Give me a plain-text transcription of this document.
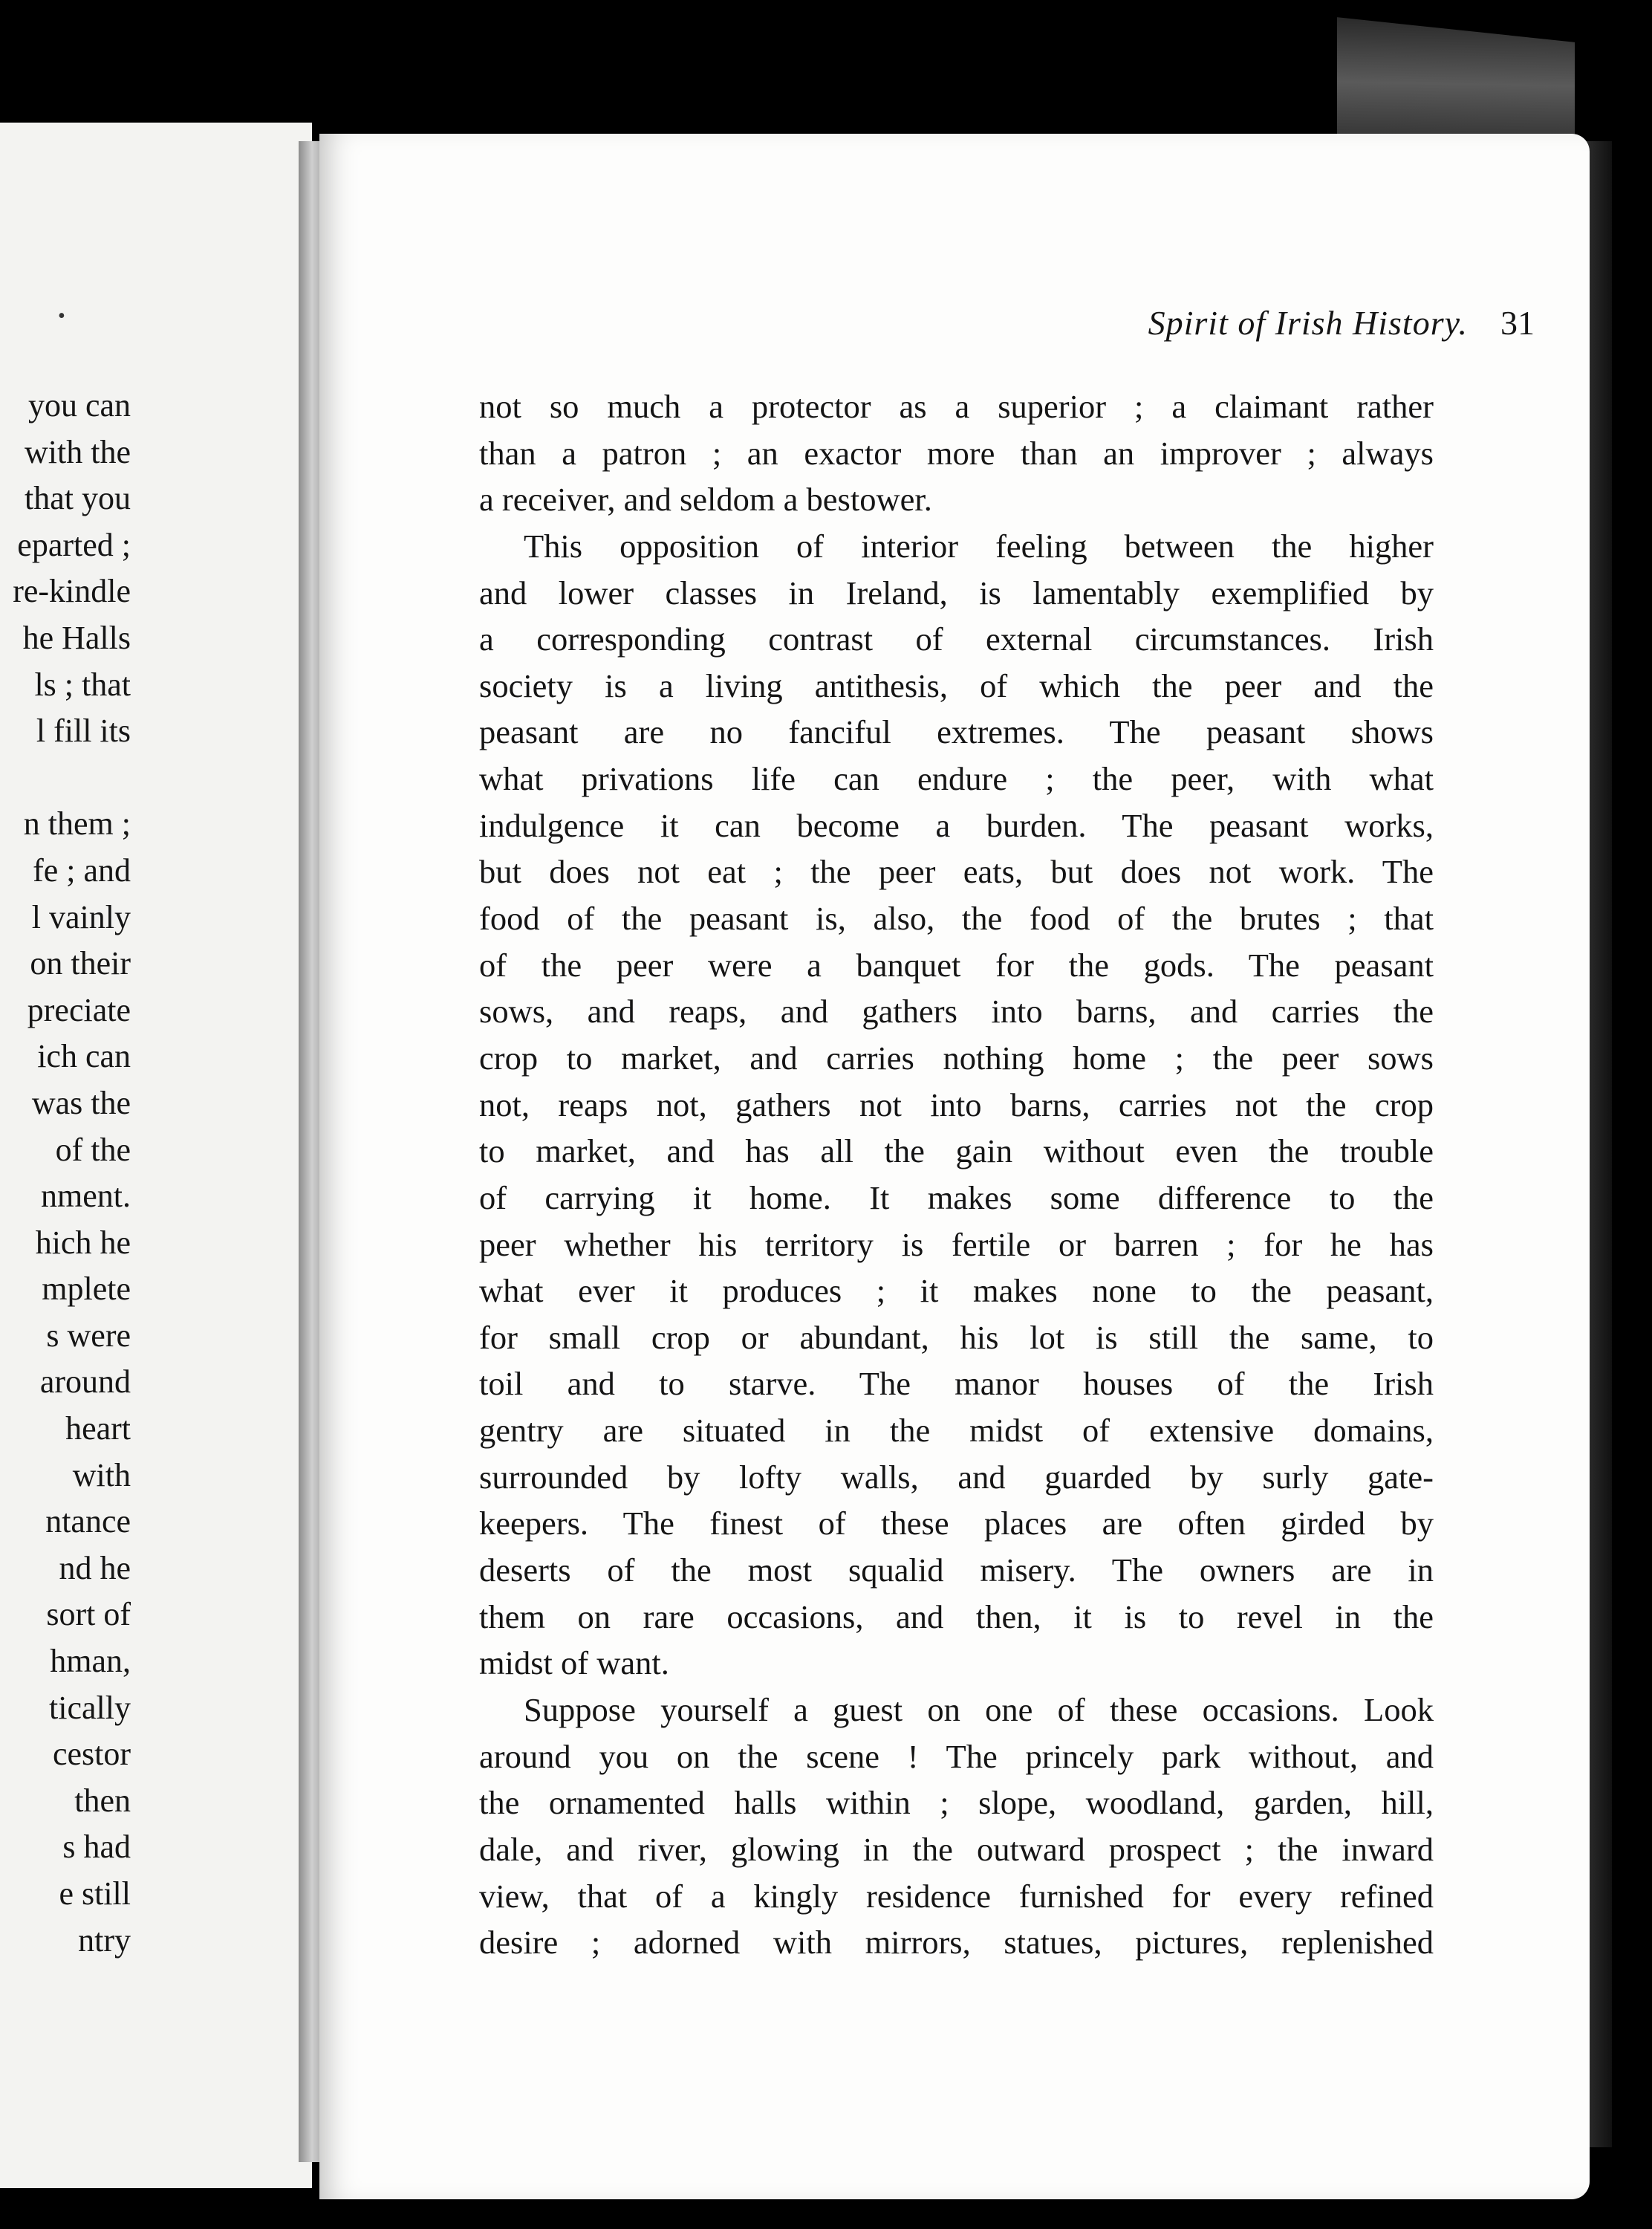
•
you can
with the
that you
eparted ;
re-kindle
he Halls
ls ; that
l fill its

n them ;
fe ; and
l vainly
on their
preciate
ich can
was the
of the
nment.
hich he
mplete
s were
around
heart
with
ntance
nd he
sort of
hman,
tically
cestor
then
s had
e still
ntry
Spirit of Irish History. 31
not so much a protector as a superior ; a claimant rather
than a patron ; an exactor more than an improver ; always
a receiver, and seldom a bestower.
This opposition of interior feeling between the higher
and lower classes in Ireland, is lamentably exemplified by
a corresponding contrast of external circumstances. Irish
society is a living antithesis, of which the peer and the
peasant are no fanciful extremes. The peasant shows
what privations life can endure ; the peer, with what
indulgence it can become a burden. The peasant works,
but does not eat ; the peer eats, but does not work. The
food of the peasant is, also, the food of the brutes ; that
of the peer were a banquet for the gods. The peasant
sows, and reaps, and gathers into barns, and carries the
crop to market, and carries nothing home ; the peer sows
not, reaps not, gathers not into barns, carries not the crop
to market, and has all the gain without even the trouble
of carrying it home. It makes some difference to the
peer whether his territory is fertile or barren ; for he has
what ever it produces ; it makes none to the peasant,
for small crop or abundant, his lot is still the same, to
toil and to starve. The manor houses of the Irish
gentry are situated in the midst of extensive domains,
surrounded by lofty walls, and guarded by surly gate-
keepers. The finest of these places are often girded by
deserts of the most squalid misery. The owners are in
them on rare occasions, and then, it is to revel in the
midst of want.
Suppose yourself a guest on one of these occasions. Look
around you on the scene ! The princely park without, and
the ornamented halls within ; slope, woodland, garden, hill,
dale, and river, glowing in the outward prospect ; the inward
view, that of a kingly residence furnished for every refined
desire ; adorned with mirrors, statues, pictures, replenished
